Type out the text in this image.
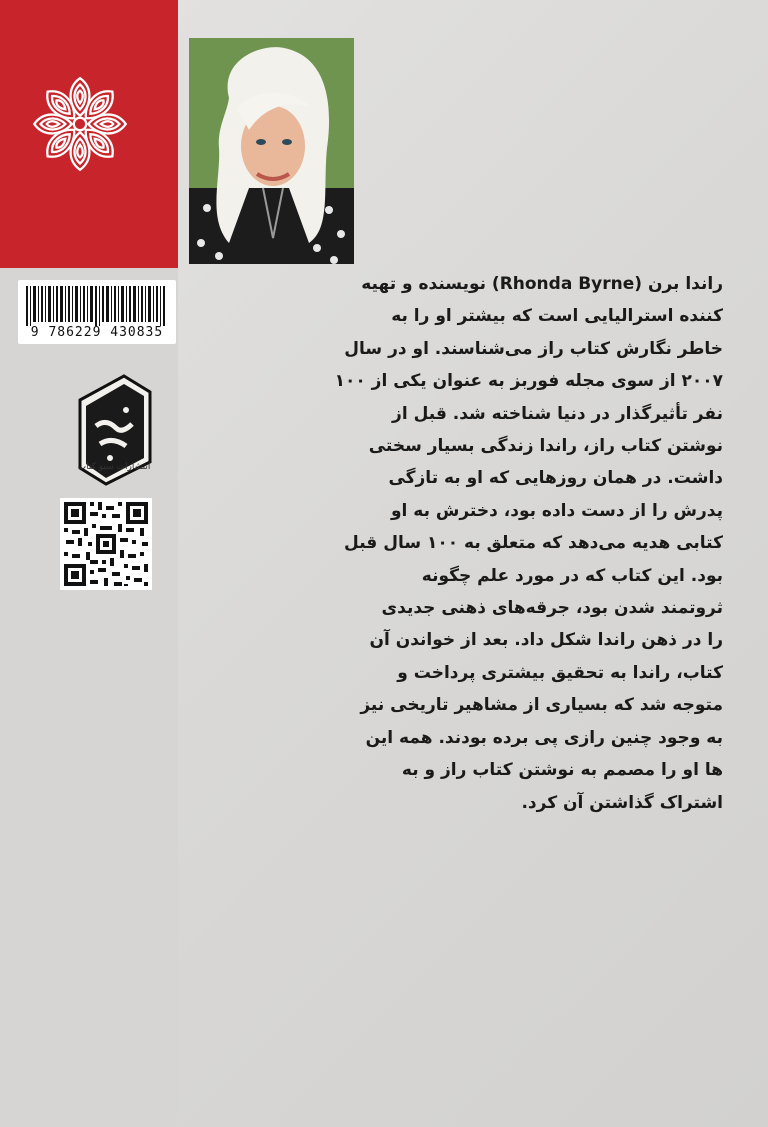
9 786229 430835
انتشارات سیو کتاب
راندا برن (Rhonda Byrne) نویسنده و تهیه
کننده استرالیایی است که بیشتر او را به
خاطر نگارش کتاب راز می‌شناسند. او در سال
۲۰۰۷ از سوی مجله فوربز به عنوان یکی از ۱۰۰
نفر تأثیرگذار در دنیا شناخته شد. قبل از
نوشتن کتاب راز، راندا زندگی بسیار سختی
داشت. در همان روزهایی که او به تازگی
پدرش را از دست داده بود، دخترش به او
کتابی هدیه می‌دهد که متعلق به ۱۰۰ سال قبل
بود. این کتاب که در مورد علم چگونه
ثروتمند شدن بود، جرقه‌های ذهنی جدیدی
را در ذهن راندا شکل داد. بعد از خواندن آن
کتاب، راندا به تحقیق بیشتری پرداخت و
متوجه شد که بسیاری از مشاهیر تاریخی نیز
به وجود چنین رازی پی برده بودند. همه این
ها او را مصمم به نوشتن کتاب راز و به
اشتراک گذاشتن آن کرد.
